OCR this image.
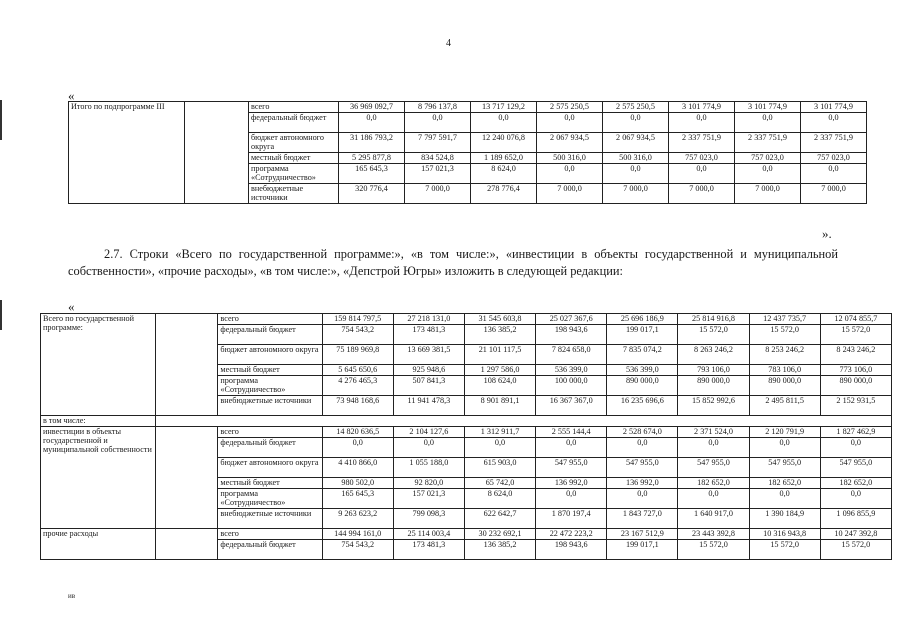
4
«
Итого по подпрограмме III		всего	36 969 092,7	8 796 137,8	13 717 129,2	2 575 250,5	2 575 250,5	3 101 774,9	3 101 774,9	3 101 774,9
		федеральный бюджет	0,0	0,0	0,0	0,0	0,0	0,0	0,0	0,0
		бюджет автономного округа	31 186 793,2	7 797 591,7	12 240 076,8	2 067 934,5	2 067 934,5	2 337 751,9	2 337 751,9	2 337 751,9
		местный бюджет	5 295 877,8	834 524,8	1 189 652,0	500 316,0	500 316,0	757 023,0	757 023,0	757 023,0
		программа «Сотрудничество»	165 645,3	157 021,3	8 624,0	0,0	0,0	0,0	0,0	0,0
		внебюджетные источники	320 776,4	7 000,0	278 776,4	7 000,0	7 000,0	7 000,0	7 000,0	7 000,0
».
2.7. Строки «Всего по государственной программе:», «в том числе:», «инвестиции в объекты государственной и муниципальной собственности», «прочие расходы», «в том числе:», «Депстрой Югры» изложить в следующей редакции:
«
Всего по государственной программе:		всего	159 814 797,5	27 218 131,0	31 545 603,8	25 027 367,6	25 696 186,9	25 814 916,8	12 437 735,7	12 074 855,7
		федеральный бюджет	754 543,2	173 481,3	136 385,2	198 943,6	199 017,1	15 572,0	15 572,0	15 572,0
		бюджет автономного округа	75 189 969,8	13 669 381,5	21 101 117,5	7 824 658,0	7 835 074,2	8 263 246,2	8 253 246,2	8 243 246,2
		местный бюджет	5 645 650,6	925 948,6	1 297 586,0	536 399,0	536 399,0	793 106,0	783 106,0	773 106,0
		программа «Сотрудничество»	4 276 465,3	507 841,3	108 624,0	100 000,0	890 000,0	890 000,0	890 000,0	890 000,0
		внебюджетные источники	73 948 168,6	11 941 478,3	8 901 891,1	16 367 367,0	16 235 696,6	15 852 992,6	2 495 811,5	2 152 931,5
в том числе:										
инвестиции в объекты государственной и муниципальной собственности		всего	14 820 636,5	2 104 127,6	1 312 911,7	2 555 144,4	2 528 674,0	2 371 524,0	2 120 791,9	1 827 462,9
		федеральный бюджет	0,0	0,0	0,0	0,0	0,0	0,0	0,0	0,0
		бюджет автономного округа	4 410 866,0	1 055 188,0	615 903,0	547 955,0	547 955,0	547 955,0	547 955,0	547 955,0
		местный бюджет	980 502,0	92 820,0	65 742,0	136 992,0	136 992,0	182 652,0	182 652,0	182 652,0
		программа «Сотрудничество»	165 645,3	157 021,3	8 624,0	0,0	0,0	0,0	0,0	0,0
		внебюджетные источники	9 263 623,2	799 098,3	622 642,7	1 870 197,4	1 843 727,0	1 640 917,0	1 390 184,9	1 096 855,9
прочие расходы		всего	144 994 161,0	25 114 003,4	30 232 692,1	22 472 223,2	23 167 512,9	23 443 392,8	10 316 943,8	10 247 392,8
		федеральный бюджет	754 543,2	173 481,3	136 385,2	198 943,6	199 017,1	15 572,0	15 572,0	15 572,0
ив
